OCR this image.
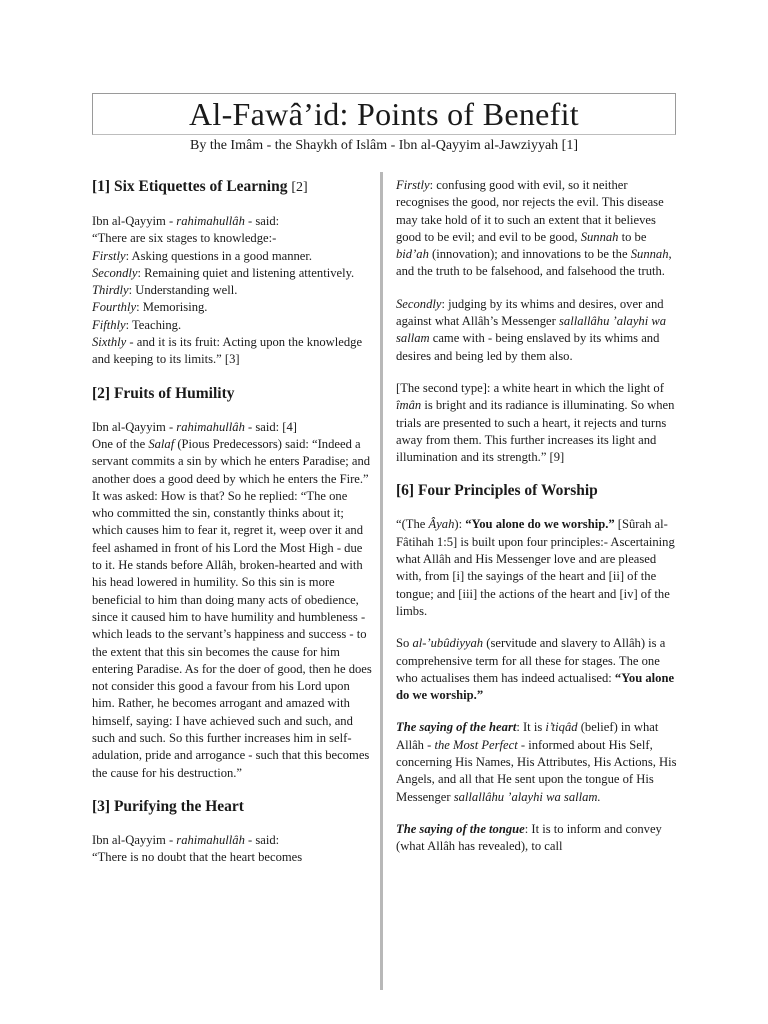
Al-Fawâ’id: Points of Benefit
By the Imâm - the Shaykh of Islâm - Ibn al-Qayyim al-Jawziyyah [1]
[1] Six Etiquettes of Learning [2]
Ibn al-Qayyim - rahimahullâh - said:
“There are six stages to knowledge:-
Firstly: Asking questions in a good manner.
Secondly: Remaining quiet and listening attentively.
Thirdly: Understanding well.
Fourthly: Memorising.
Fifthly: Teaching.
Sixthly - and it is its fruit: Acting upon the knowledge and keeping to its limits.” [3]
[2] Fruits of Humility

Ibn al-Qayyim - rahimahullâh - said: [4]
One of the Salaf (Pious Predecessors) said: “Indeed a servant commits a sin by which he enters Paradise; and another does a good deed by which he enters the Fire.” It was asked: How is that? So he replied: “The one who committed the sin, constantly thinks about it; which causes him to fear it, regret it, weep over it and feel ashamed in front of his Lord the Most High - due to it. He stands before Allâh, broken-hearted and with his head lowered in humility. So this sin is more beneficial to him than doing many acts of obedience, since it caused him to have humility and humbleness - which leads to the servant’s happiness and success - to the extent that this sin becomes the cause for him entering Paradise. As for the doer of good, then he does not consider this good a favour from his Lord upon him. Rather, he becomes arrogant and amazed with himself, saying: I have achieved such and such, and such and such. So this further increases him in self-adulation, pride and arrogance - such that this becomes the cause for his destruction.”

[3] Purifying the Heart
Ibn al-Qayyim - rahimahullâh - said:
“There is no doubt that the heart becomes

Firstly: confusing good with evil, so it neither recognises the good, nor rejects the evil. This disease may take hold of it to such an extent that it believes good to be evil; and evil to be good, Sunnah to be bid’ah (innovation); and innovations to be the Sunnah, and the truth to be falsehood, and falsehood the truth.

Secondly: judging by its whims and desires, over and against what Allâh’s Messenger sallallâhu ’alayhi wa sallam came with - being enslaved by its whims and desires and being led by them also.

[The second type]: a white heart in which the light of îmân is bright and its radiance is illuminating. So when trials are presented to such a heart, it rejects and turns away from them. This further increases its light and illumination and its strength.” [9]

[6] Four Principles of Worship

“(The Âyah): “You alone do we worship.” [Sûrah al-Fâtihah 1:5] is built upon four principles:- Ascertaining what Allâh and His Messenger love and are pleased with, from [i] the sayings of the heart and [ii] of the tongue; and [iii] the actions of the heart and [iv] of the limbs.

So al-’ubûdiyyah (servitude and slavery to Allâh) is a comprehensive term for all these for stages. The one who actualises them has indeed actualised: “You alone do we worship.”

The saying of the heart: It is i’tiqâd (belief) in what Allâh - the Most Perfect - informed about His Self, concerning His Names, His Attributes, His Actions, His Angels, and all that He sent upon the tongue of His Messenger sallallâhu ’alayhi wa sallam.

The saying of the tongue: It is to inform and convey (what Allâh has revealed), to call
